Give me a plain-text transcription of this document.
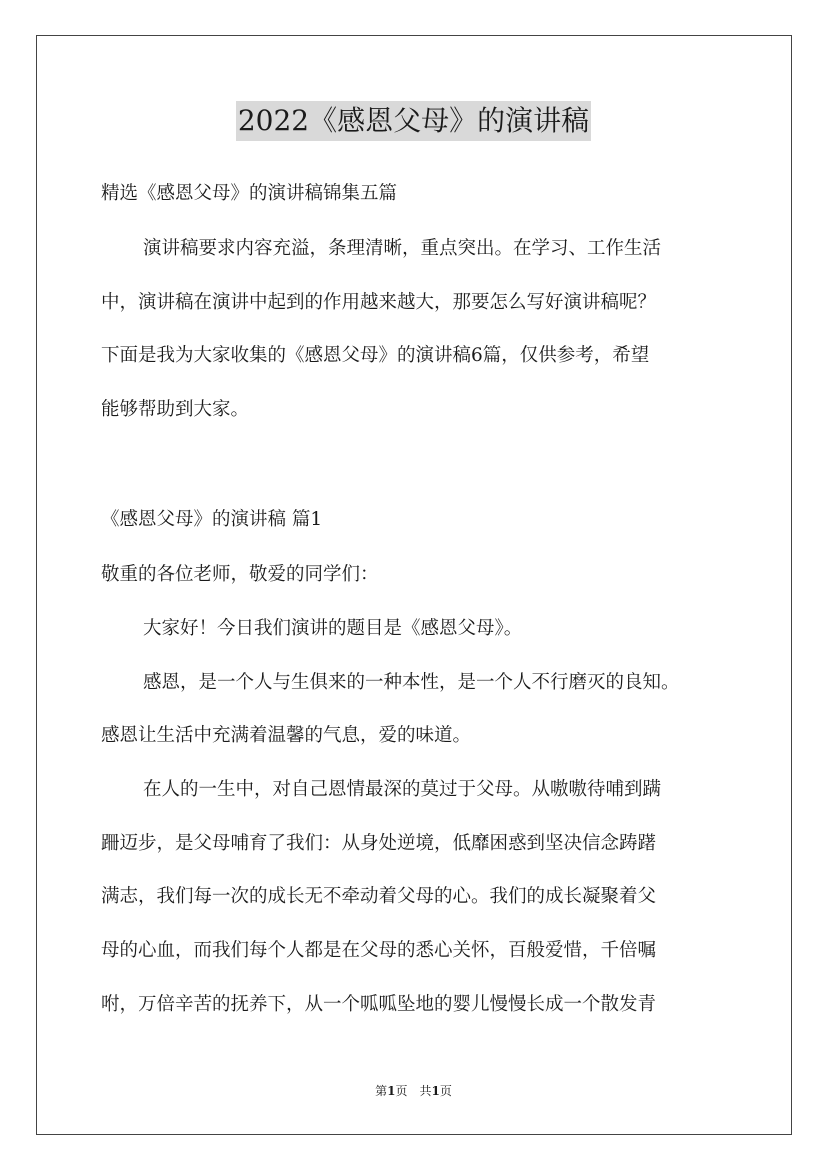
2022《感恩父母》的演讲稿
精选《感恩父母》的演讲稿锦集五篇
演讲稿要求内容充溢，条理清晰，重点突出。在学习、工作生活
中，演讲稿在演讲中起到的作用越来越大，那要怎么写好演讲稿呢？
下面是我为大家收集的《感恩父母》的演讲稿6篇，仅供参考，希望
能够帮助到大家。
《感恩父母》的演讲稿 篇1
敬重的各位老师，敬爱的同学们：
大家好！今日我们演讲的题目是《感恩父母》。
感恩，是一个人与生俱来的一种本性，是一个人不行磨灭的良知。
感恩让生活中充满着温馨的气息，爱的味道。
在人的一生中，对自己恩情最深的莫过于父母。从嗷嗷待哺到蹒
跚迈步，是父母哺育了我们：从身处逆境，低靡困惑到坚决信念踌躇
满志，我们每一次的成长无不牵动着父母的心。我们的成长凝聚着父
母的心血，而我们每个人都是在父母的悉心关怀，百般爱惜，千倍嘱
咐，万倍辛苦的抚养下，从一个呱呱坠地的婴儿慢慢长成一个散发青
第1页　共1页
